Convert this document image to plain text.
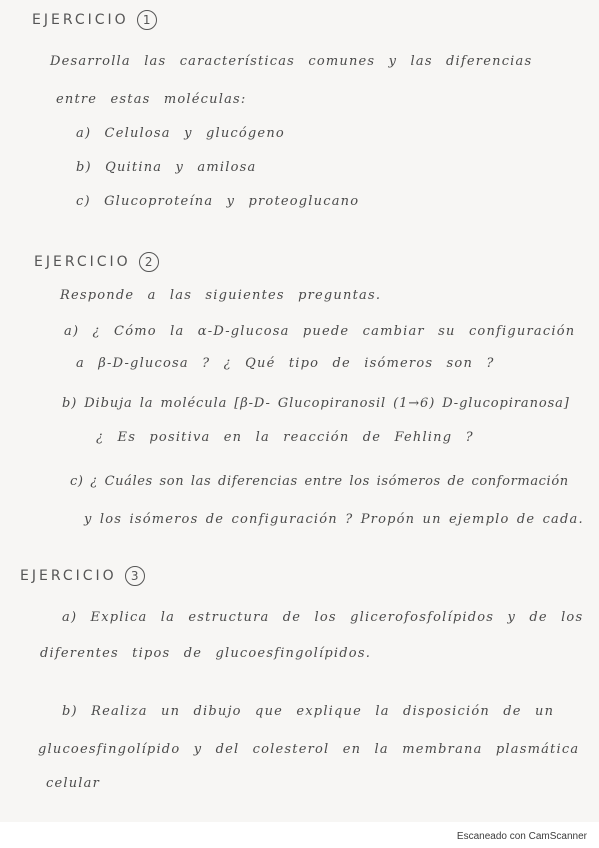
EJERCICIO 1
Desarrolla las características comunes y las diferencias
entre estas moléculas:
a) Celulosa y glucógeno
b) Quitina y amilosa
c) Glucoproteína y proteoglucano
EJERCICIO 2
Responde a las siguientes preguntas.
a) ¿ Cómo la α-D-glucosa puede cambiar su configuración
a β-D-glucosa ? ¿ Qué tipo de isómeros son ?
b) Dibuja la molécula [β-D- Glucopiranosil (1→6) D-glucopiranosa]
¿ Es positiva en la reacción de Fehling ?
c) ¿ Cuáles son las diferencias entre los isómeros de conformación
y los isómeros de configuración ? Propón un ejemplo de cada.
EJERCICIO 3
a) Explica la estructura de los glicerofosfolípidos y de los
diferentes tipos de glucoesfingolípidos.
b) Realiza un dibujo que explique la disposición de un
glucoesfingolípido y del colesterol en la membrana plasmática
celular
Escaneado con CamScanner
